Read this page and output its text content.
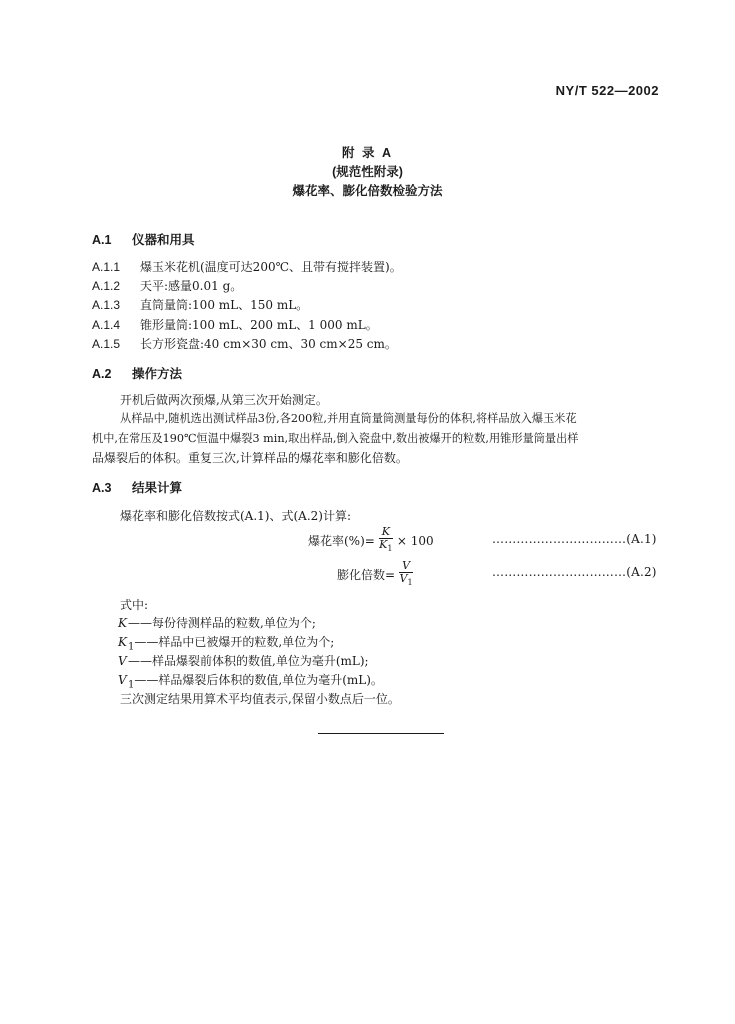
NY/T 522—2002
附 录 A
(规范性附录)
爆花率、膨化倍数检验方法
A.1 仪器和用具
A.1.1 爆玉米花机(温度可达200℃、且带有搅拌装置)。
A.1.2 天平:感量0.01 g。
A.1.3 直筒量筒:100 mL、150 mL。
A.1.4 锥形量筒:100 mL、200 mL、1 000 mL。
A.1.5 长方形瓷盘:40 cm×30 cm、30 cm×25 cm。
A.2 操作方法
开机后做两次预爆,从第三次开始测定。
从样品中,随机选出测试样品3份,各200粒,并用直筒量筒测量每份的体积,将样品放入爆玉米花
机中,在常压及190℃恒温中爆裂3 min,取出样品,倒入瓷盘中,数出被爆开的粒数,用锥形量筒量出样
品爆裂后的体积。重复三次,计算样品的爆花率和膨化倍数。
A.3 结果计算
爆花率和膨化倍数按式(A.1)、式(A.2)计算:
爆花率(%)= $\frac{K}{K_1} \times 100$	……………………………(A.1)
膨化倍数= $\frac{V}{V_1}$	……………………………(A.2)
式中:
K——每份待测样品的粒数,单位为个;
$K_1——$样品中已被爆开的粒数,单位为个;
V——样品爆裂前体积的数值,单位为毫升(mL);
$V_1——$样品爆裂后体积的数值,单位为毫升(mL)。
三次测定结果用算术平均值表示,保留小数点后一位。
